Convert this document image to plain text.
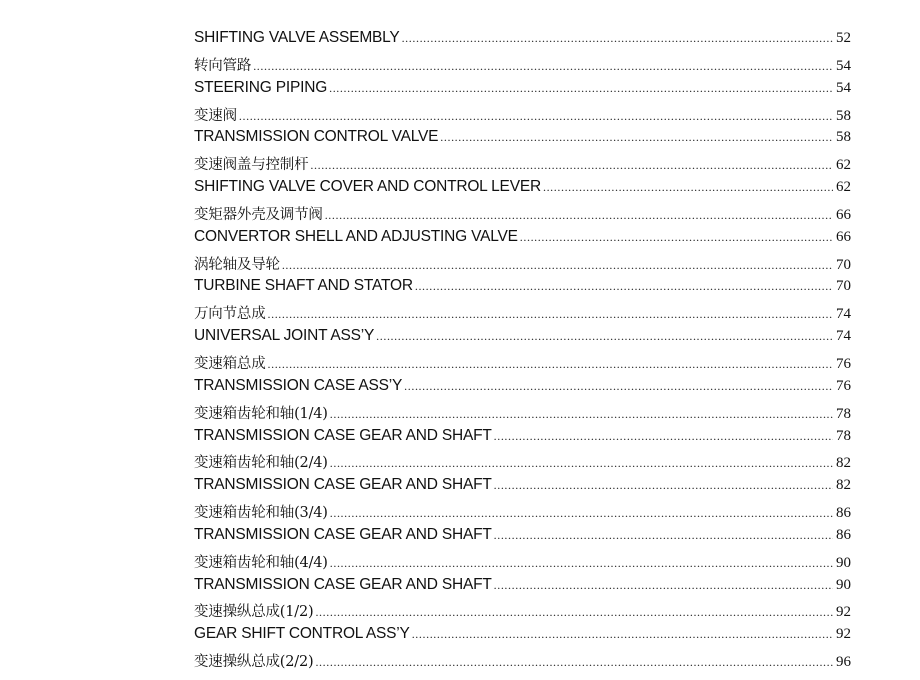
SHIFTING VALVE ASSEMBLY .....	52
转向管路 .....	54
STEERING PIPING .....	54
变速阀 .....	58
TRANSMISSION CONTROL VALVE .....	58
变速阀盖与控制杆 .....	62
SHIFTING VALVE COVER AND CONTROL LEVER .....	62
变矩器外壳及调节阀 .....	66
CONVERTOR SHELL AND ADJUSTING VALVE .....	66
涡轮轴及导轮 .....	70
TURBINE SHAFT AND STATOR .....	70
万向节总成 .....	74
UNIVERSAL JOINT ASS’Y .....	74
变速箱总成 .....	76
TRANSMISSION CASE ASS’Y .....	76
变速箱齿轮和轴(1/4) .....	78
TRANSMISSION CASE GEAR AND SHAFT .....	78
变速箱齿轮和轴(2/4) .....	82
TRANSMISSION CASE GEAR AND SHAFT .....	82
变速箱齿轮和轴(3/4) .....	86
TRANSMISSION CASE GEAR AND SHAFT .....	86
变速箱齿轮和轴(4/4) .....	90
TRANSMISSION CASE GEAR AND SHAFT .....	90
变速操纵总成(1/2) .....	92
GEAR SHIFT CONTROL ASS’Y .....	92
变速操纵总成(2/2) .....	96
